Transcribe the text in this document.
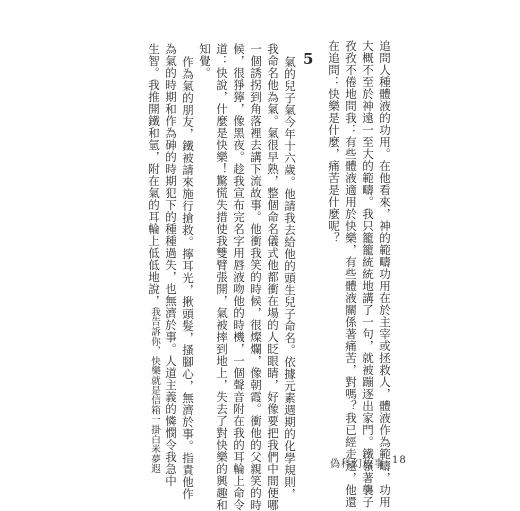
追問人種體液的功用。在他看來，神的範疇功用在於主宰或拯救人，體液作為範疇，功用
大概不至於神遠一至大的範疇。我只籠籠統統地講了一句，就被蹦逐出家門。鐵嶺著襲子
孜孜不倦地問我：有些體液適用於快樂，有些體液關係著痛苦，對嗎？我已經走遠，他還
在追問：快樂是什麼，痛苦是什麼呢？
5
氣的兒子氣今年十六歲。他請我去給他的頭生兒子命名。依據元素週期的化學規則，
我命名他為氣。氣很早熟，整個命名儀式他都衝在場的人眨眼睛，好像要把我們中間便哪
一個誘拐到角落裡去講下流故事。他衝我笑的時候，很燦爛，像朝霞。衝他的父親笑的時
候，很猙獰，像黑夜。趁我宣布完名字用唇液吻他的時機，一個聲音附在我的耳輪上命令
道：快說，什麼是快樂！驚慌失措使我雙臂張開，氣被摔到地上，失去了對快樂的興趣和
知覺。
作為氣的朋友，鐵被請來施行搶救。擰耳光，揪頭髮，搔腳心，無濟於事。指責他作
為氣的時期和作為砷的時期犯下的種種過失，也無濟於事。人道主義的憐憫令我急中
生智。我推開鐵和氫，附在氣的耳輪上低低地說，我告訴你，快樂就是信箱一掛白米夢遐	偽科幻故事 18
